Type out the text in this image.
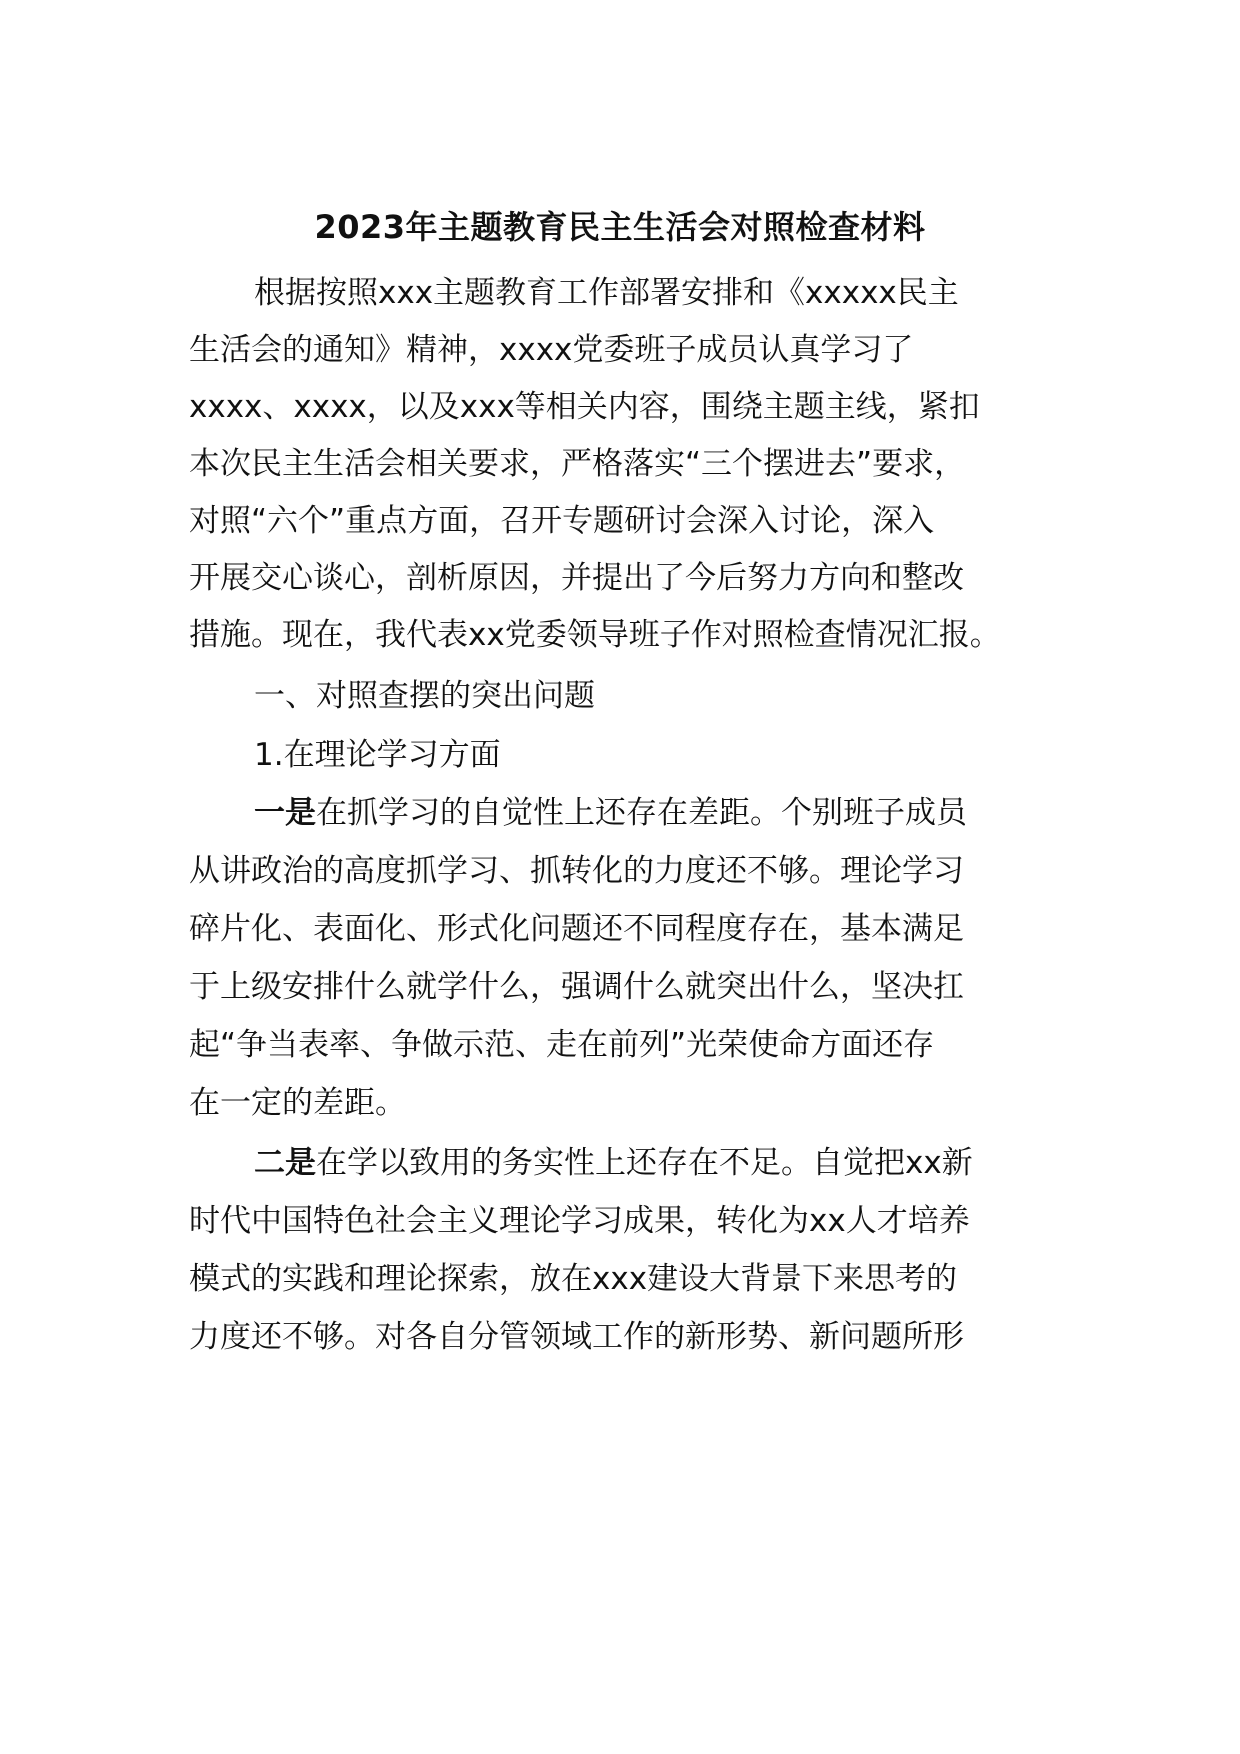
2023年主题教育民主生活会对照检查材料
根据按照xxx主题教育工作部署安排和《xxxxx民主
生活会的通知》精神，xxxx党委班子成员认真学习了
xxxx、xxxx，以及xxx等相关内容，围绕主题主线，紧扣
本次民主生活会相关要求，严格落实“三个摆进去”要求，
对照“六个”重点方面，召开专题研讨会深入讨论，深入
开展交心谈心，剖析原因，并提出了今后努力方向和整改
措施。现在，我代表xx党委领导班子作对照检查情况汇报。
一、对照查摆的突出问题
1.在理论学习方面
一是在抓学习的自觉性上还存在差距。个别班子成员
从讲政治的高度抓学习、抓转化的力度还不够。理论学习
碎片化、表面化、形式化问题还不同程度存在，基本满足
于上级安排什么就学什么，强调什么就突出什么，坚决扛
起“争当表率、争做示范、走在前列”光荣使命方面还存
在一定的差距。
二是在学以致用的务实性上还存在不足。自觉把xx新
时代中国特色社会主义理论学习成果，转化为xx人才培养
模式的实践和理论探索，放在xxx建设大背景下来思考的
力度还不够。对各自分管领域工作的新形势、新问题所形
